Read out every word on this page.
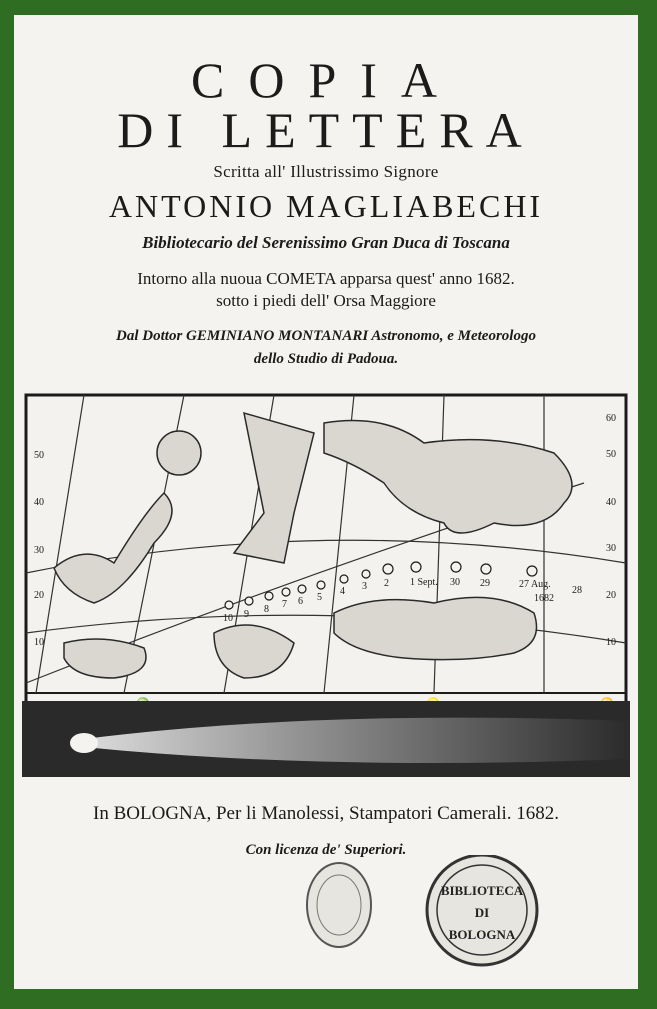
COPIA
DI LETTERA
Scritta all' Illustrissimo Signore
ANTONIO MAGLIABECHI
Bibliotecario del Serenissimo Gran Duca di Toscana
Intorno alla nuoua COMETA apparsa quest' anno 1682.
sotto i piedi dell' Orsa Maggiore
Dal Dottor GEMINIANO MONTANARI Astronomo, e Meteorologo
dello Studio di Padoua.
50
40
30
20
10
60
50
40
30
20
10
10 9 8 7 6 5
4 3 2 1 Sept. 30 29	27 Aug.
28
1682
In BOLOGNA, Per li Manolessi, Stampatori Camerali. 1682.
Con licenza de' Superiori.
BIBLIOTECA
DI
BOLOGNA
